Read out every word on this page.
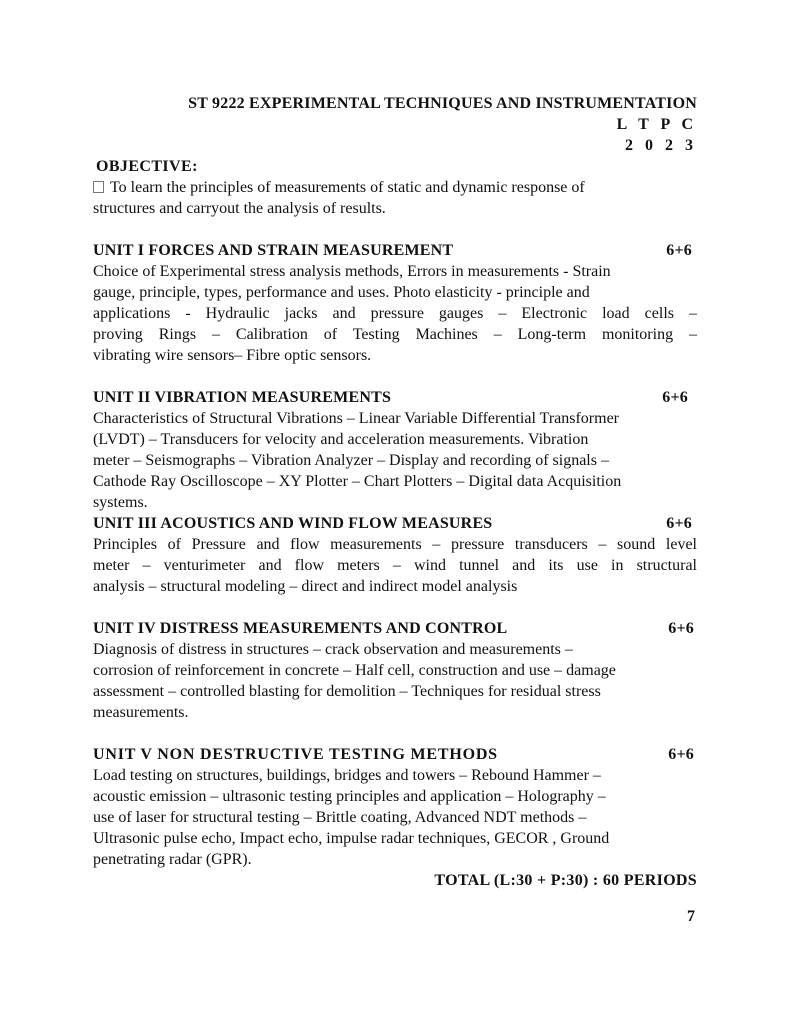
ST 9222 EXPERIMENTAL TECHNIQUES AND INSTRUMENTATION

L T P C

2 0 2 3

OBJECTIVE:

To learn the principles of measurements of static and dynamic response of

structures and carryout the analysis of results.

UNIT I FORCES AND STRAIN MEASUREMENT	6+6

Choice of Experimental stress analysis methods, Errors in measurements - Strain
gauge, principle, types, performance and uses. Photo elasticity - principle and
applications - Hydraulic jacks and pressure gauges – Electronic load cells –
proving Rings – Calibration of Testing Machines – Long-term monitoring –
vibrating wire sensors– Fibre optic sensors.

UNIT II VIBRATION MEASUREMENTS	6+6

Characteristics of Structural Vibrations – Linear Variable Differential Transformer
(LVDT) – Transducers for velocity and acceleration measurements. Vibration
meter – Seismographs – Vibration Analyzer – Display and recording of signals –
Cathode Ray Oscilloscope – XY Plotter – Chart Plotters – Digital data Acquisition
systems.

UNIT III ACOUSTICS AND WIND FLOW MEASURES	6+6

Principles of Pressure and flow measurements – pressure transducers – sound level
meter – venturimeter and flow meters – wind tunnel and its use in structural
analysis – structural modeling – direct and indirect model analysis

UNIT IV DISTRESS MEASUREMENTS AND CONTROL	6+6

Diagnosis of distress in structures – crack observation and measurements –
corrosion of reinforcement in concrete – Half cell, construction and use – damage
assessment – controlled blasting for demolition – Techniques for residual stress
measurements.

UNIT V NON DESTRUCTIVE TESTING METHODS	6+6

Load testing on structures, buildings, bridges and towers – Rebound Hammer –
acoustic emission – ultrasonic testing principles and application – Holography –
use of laser for structural testing – Brittle coating, Advanced NDT methods –
Ultrasonic pulse echo, Impact echo, impulse radar techniques, GECOR , Ground
penetrating radar (GPR).

TOTAL (L:30 + P:30) : 60 PERIODS

7
